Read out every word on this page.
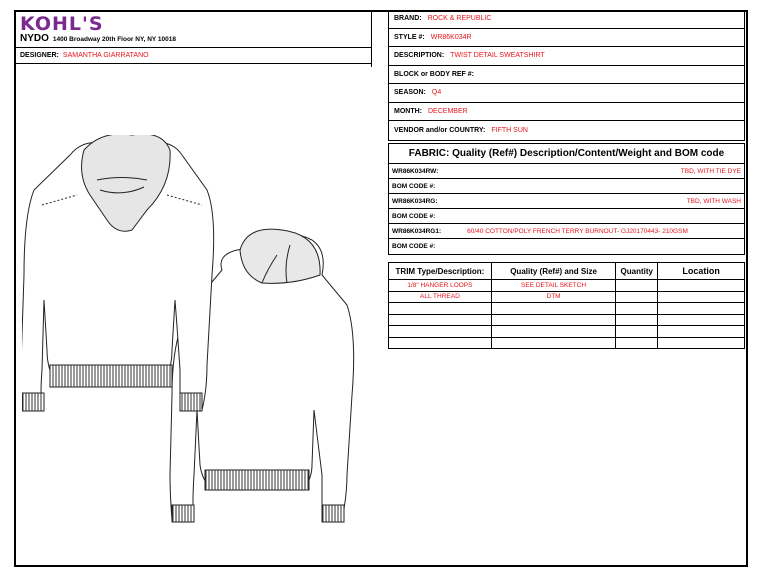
KOHL'S
NYDO 1400 Broadway 20th Floor NY, NY 10018
DESIGNER: SAMANTHA GIARRATANO
BRAND: ROCK & REPUBLIC
STYLE #: WR86K034R
DESCRIPTION: TWIST DETAIL SWEATSHIRT
BLOCK or BODY REF #:
SEASON: Q4
MONTH: DECEMBER
VENDOR and/or COUNTRY: FIFTH SUN
FABRIC: Quality (Ref#) Description/Content/Weight and BOM code
WR86K034RW:	TBD, WITH TIE DYE
BOM CODE #:
WR86K034RG:	TBD, WITH WASH
BOM CODE #:
WR86K034RG1:	60/40 COTTON/POLY FRENCH TERRY BURNOUT- GJ20170443- 210GSM
BOM CODE #:
TRIM Type/Description:	Quality (Ref#) and Size	Quantity	Location
1/8" HANGER LOOPS	SEE DETAIL SKETCH		
ALL THREAD	DTM		
